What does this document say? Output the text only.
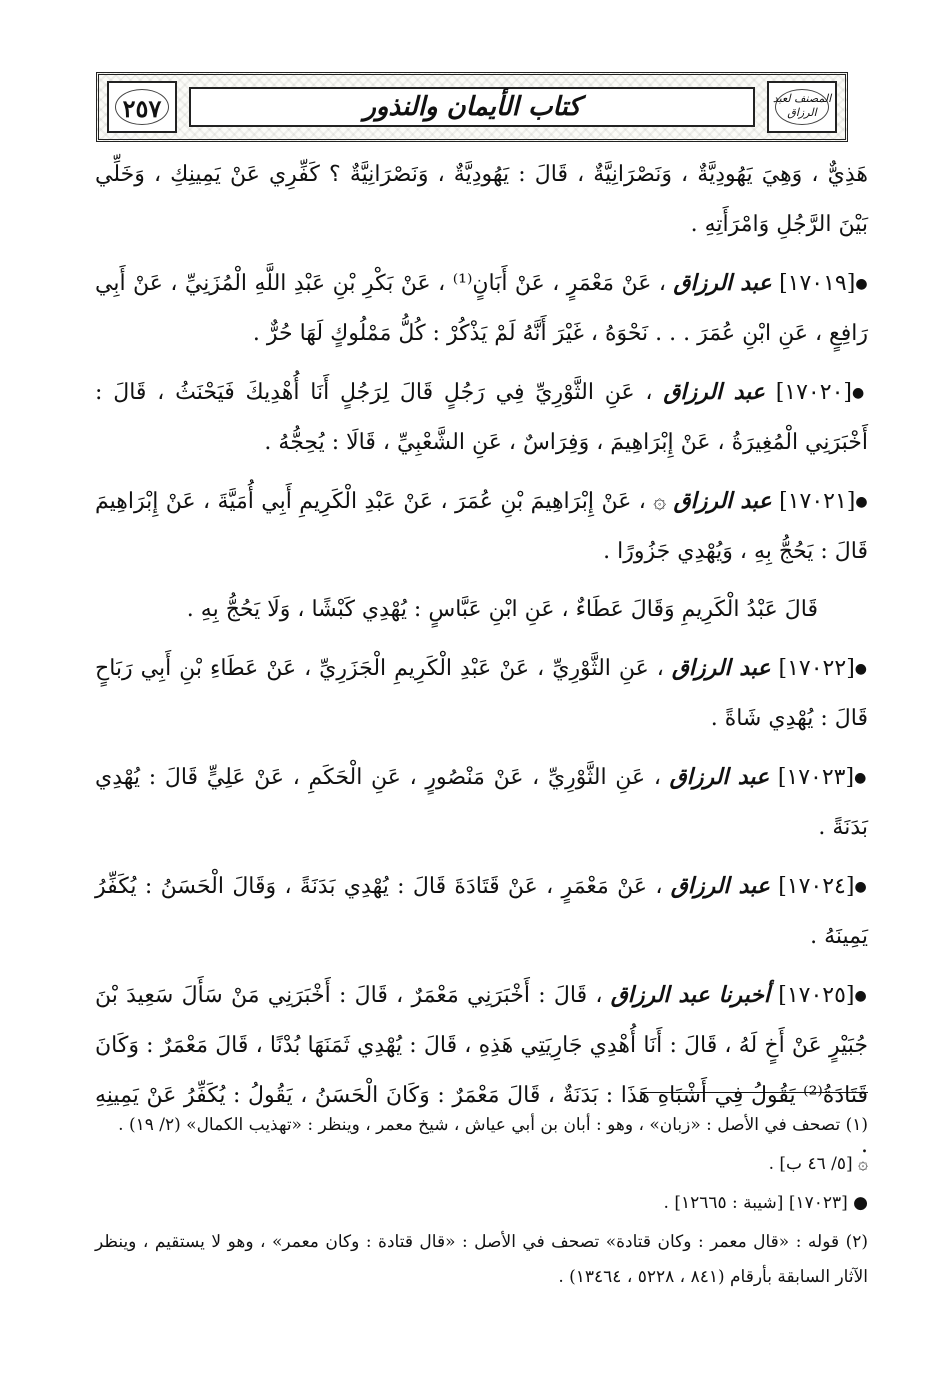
المصنف لعبد الرزاق
كتاب الأيمان والنذور
٢٥٧

هَذِيٌّ ، وَهِيَ يَهُودِيَّةٌ ، وَنَصْرَانِيَّةٌ ، قَالَ : يَهُودِيَّةٌ ، وَنَصْرَانِيَّةٌ ؟ كَفِّرِي عَنْ يَمِينِكِ ، وَخَلِّي بَيْنَ الرَّجُلِ وَامْرَأَتِهِ .

●[١٧٠١٩] عبد الرزاق ، عَنْ مَعْمَرٍ ، عَنْ أَبَانٍ⁽¹⁾ ، عَنْ بَكْرِ بْنِ عَبْدِ اللَّهِ الْمُزَنِيِّ ، عَنْ أَبِي رَافِعٍ ، عَنِ ابْنِ عُمَرَ . . . نَحْوَهُ ، غَيْرَ أَنَّهُ لَمْ يَذْكُرْ : كُلُّ مَمْلُوكٍ لَهَا حُرٌّ .

●[١٧٠٢٠] عبد الرزاق ، عَنِ الثَّوْرِيِّ فِي رَجُلٍ قَالَ لِرَجُلٍ أَنَا أُهْدِيكَ فَيَحْنَثُ ، قَالَ : أَخْبَرَنِي الْمُغِيرَةُ ، عَنْ إِبْرَاهِيمَ ، وَفِرَاسٌ ، عَنِ الشَّعْبِيِّ ، قَالَا : يُحِجُّهُ .

●[١٧٠٢١] عبد الرزاق ۞ ، عَنْ إِبْرَاهِيمَ بْنِ عُمَرَ ، عَنْ عَبْدِ الْكَرِيمِ أَبِي أُمَيَّةَ ، عَنْ إِبْرَاهِيمَ قَالَ : يَحُجُّ بِهِ ، وَيُهْدِي جَزُورًا .

قَالَ عَبْدُ الْكَرِيمِ وَقَالَ عَطَاءٌ ، عَنِ ابْنِ عَبَّاسٍ : يُهْدِي كَبْشًا ، وَلَا يَحُجُّ بِهِ .

●[١٧٠٢٢] عبد الرزاق ، عَنِ الثَّوْرِيِّ ، عَنْ عَبْدِ الْكَرِيمِ الْجَزَرِيِّ ، عَنْ عَطَاءِ بْنِ أَبِي رَبَاحٍ قَالَ : يُهْدِي شَاةً .

●[١٧٠٢٣] عبد الرزاق ، عَنِ الثَّوْرِيِّ ، عَنْ مَنْصُورٍ ، عَنِ الْحَكَمِ ، عَنْ عَلِيٍّ قَالَ : يُهْدِي بَدَنَةً .

●[١٧٠٢٤] عبد الرزاق ، عَنْ مَعْمَرٍ ، عَنْ قَتَادَةَ قَالَ : يُهْدِي بَدَنَةً ، وَقَالَ الْحَسَنُ : يُكَفِّرُ يَمِينَهُ .

●[١٧٠٢٥] أخبرنا عبد الرزاق ، قَالَ : أَخْبَرَنِي مَعْمَرٌ ، قَالَ : أَخْبَرَنِي مَنْ سَأَلَ سَعِيدَ بْنَ جُبَيْرٍ عَنْ أَخٍ لَهُ ، قَالَ : أَنَا أُهْدِي جَارِيَتِي هَذِهِ ، قَالَ : يُهْدِي ثَمَنَهَا بُدْنًا ، قَالَ مَعْمَرٌ : وَكَانَ قَتَادَةُ⁽²⁾ يَقُولُ فِي أَشْبَاهِ هَذَا : بَدَنَةٌ ، قَالَ مَعْمَرٌ : وَكَانَ الْحَسَنُ ، يَقُولُ : يُكَفِّرُ عَنْ يَمِينِهِ .

(١) تصحف في الأصل : «زبان» ، وهو : أبان بن أبي عياش ، شيخ معمر ، وينظر : «تهذيب الكمال» (٢/ ١٩) .

۞ [٥/ ٤٦ ب] .

● [١٧٠٢٣] [شيبة : ١٢٦٦٥] .

(٢) قوله : «قال معمر : وكان قتادة» تصحف في الأصل : «قال قتادة : وكان معمر» ، وهو لا يستقيم ، وينظر الآثار السابقة بأرقام (٨٤١ ، ٥٢٢٨ ، ١٣٤٦٤) .
